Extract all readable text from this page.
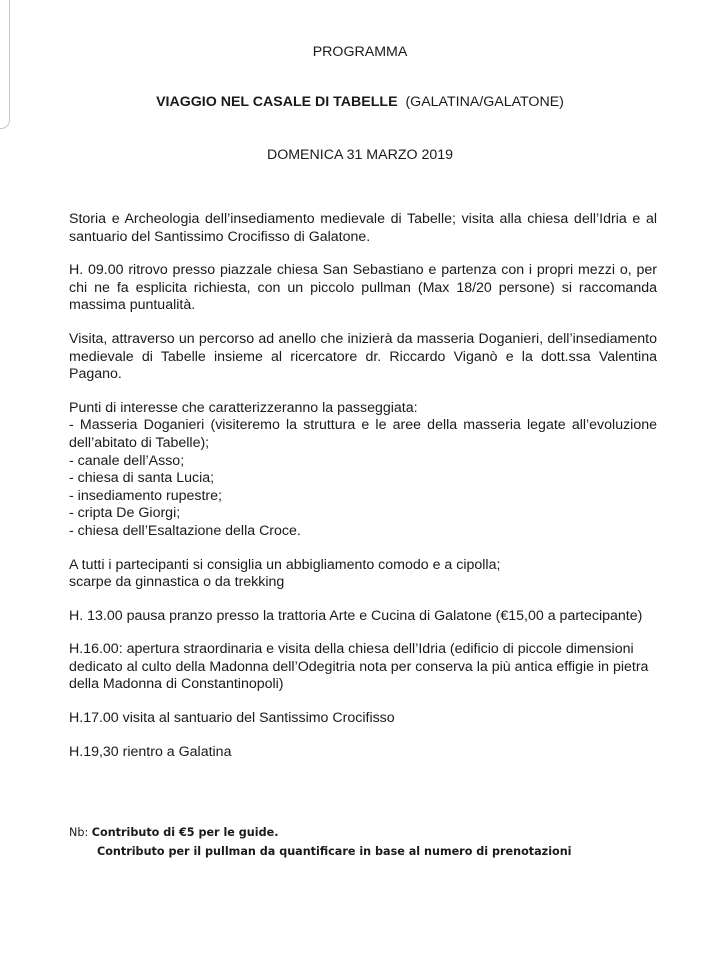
PROGRAMMA
VIAGGIO NEL CASALE DI TABELLE (GALATINA/GALATONE)
DOMENICA 31 MARZO 2019

Storia e Archeologia dell’insediamento medievale di Tabelle; visita alla chiesa dell’Idria e al santuario del Santissimo Crocifisso di Galatone.

H. 09.00 ritrovo presso piazzale chiesa San Sebastiano e partenza con i propri mezzi o, per chi ne fa esplicita richiesta, con un piccolo pullman (Max 18/20 persone) si raccomanda massima puntualità.

Visita, attraverso un percorso ad anello che inizierà da masseria Doganieri, dell’insediamento medievale di Tabelle insieme al ricercatore dr. Riccardo Viganò e la dott.ssa Valentina Pagano.

Punti di interesse che caratterizzeranno la passeggiata:
- Masseria Doganieri (visiteremo la struttura e le aree della masseria legate all’evoluzione dell’abitato di Tabelle);
- canale dell’Asso;
- chiesa di santa Lucia;
- insediamento rupestre;
- cripta De Giorgi;
- chiesa dell’Esaltazione della Croce.
A tutti i partecipanti si consiglia un abbigliamento comodo e a cipolla;
scarpe da ginnastica o da trekking

H. 13.00 pausa pranzo presso la trattoria Arte e Cucina di Galatone (€15,00 a partecipante)

H.16.00: apertura straordinaria e visita della chiesa dell’Idria (edificio di piccole dimensioni dedicato al culto della Madonna dell’Odegitria nota per conserva la più antica effigie in pietra della Madonna di Constantinopoli)

H.17.00 visita al santuario del Santissimo Crocifisso

H.19,30 rientro a Galatina

Nb: Contributo di €5 per le guide.
Contributo per il pullman da quantificare in base al numero di prenotazioni
